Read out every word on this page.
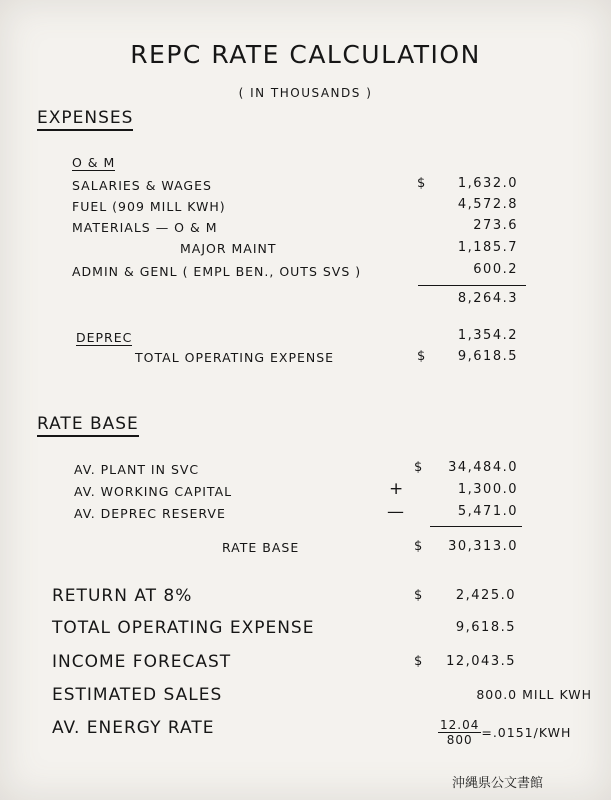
REPC RATE CALCULATION
( IN THOUSANDS )
EXPENSES
O & M
SALARIES & WAGES	$	1,632.0
FUEL (909 MILL KWH)	4,572.8
MATERIALS — O & M	273.6
MAJOR MAINT	1,185.7
ADMIN & GENL ( EMPL BEN., OUTS SVS )	600.2
8,264.3
DEPREC	1,354.2
TOTAL OPERATING EXPENSE	$	9,618.5
RATE BASE
AV. PLANT IN SVC	$	34,484.0
AV. WORKING CAPITAL	+	1,300.0
AV. DEPREC RESERVE	—	5,471.0
RATE BASE	$	30,313.0
RETURN AT 8%	$	2,425.0
TOTAL OPERATING EXPENSE	9,618.5
INCOME FORECAST	$	12,043.5
ESTIMATED SALES	800.0 MILL KWH
AV. ENERGY RATE	$\frac{12.04}{800} =.0151/KWH$
沖縄県公文書館
